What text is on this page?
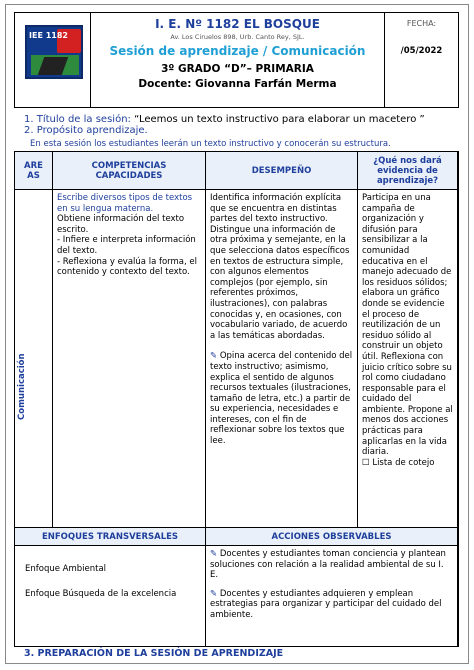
IEE 1182
I. E. Nº 1182 EL BOSQUE
Av. Los Ciruelos 898, Urb. Canto Rey, SJL.
Sesión de aprendizaje / Comunicación
3º GRADO “D”– PRIMARIA
Docente: Giovanna Farfán Merma
FECHA:
/05/2022
1. Título de la sesión: “Leemos un texto instructivo para elaborar un macetero ”
2. Propósito aprendizaje.
En esta sesión los estudiantes leerán un texto instructivo y conocerán su estructura.
ARE
AS
COMPETENCIAS
CAPACIDADES	DESEMPEÑO
¿Qué nos dará evidencia de aprendizaje?
Comunicación
Escribe diversos tipos de textos en su lengua materna.
Obtiene información del texto escrito.
- Infiere e interpreta información del texto.
- Reflexiona y evalúa la forma, el contenido y contexto del texto.
Identifica información explícita que se encuentra en distintas partes del texto instructivo. Distingue una información de otra próxima y semejante, en la que selecciona datos específicos en textos de estructura simple, con algunos elementos complejos (por ejemplo, sin referentes próximos, ilustraciones), con palabras conocidas y, en ocasiones, con vocabulario variado, de acuerdo a las temáticas abordadas.
✎ Opina acerca del contenido del texto instructivo; asimismo, explica el sentido de algunos recursos textuales (ilustraciones, tamaño de letra, etc.) a partir de su experiencia, necesidades e intereses, con el fin de reflexionar sobre los textos que lee.
Participa en una campaña de organización y difusión para sensibilizar a la comunidad educativa en el manejo adecuado de los residuos sólidos; elabora un gráfico donde se evidencie el proceso de reutilización de un residuo sólido al construir un objeto útil. Reflexiona con juicio crítico sobre su rol como ciudadano responsable para el cuidado del ambiente. Propone al menos dos acciones prácticas para aplicarlas en la vida diaria.
☐ Lista de cotejo
ENFOQUES TRANSVERSALES	ACCIONES OBSERVABLES
Enfoque Ambiental
Enfoque Búsqueda de la excelencia
✎ Docentes y estudiantes toman conciencia y plantean soluciones con relación a la realidad ambiental de su I. E.
✎ Docentes y estudiantes adquieren y emplean estrategias para organizar y participar del cuidado del ambiente.
3. PREPARACIÓN DE LA SESIÓN DE APRENDIZAJE
